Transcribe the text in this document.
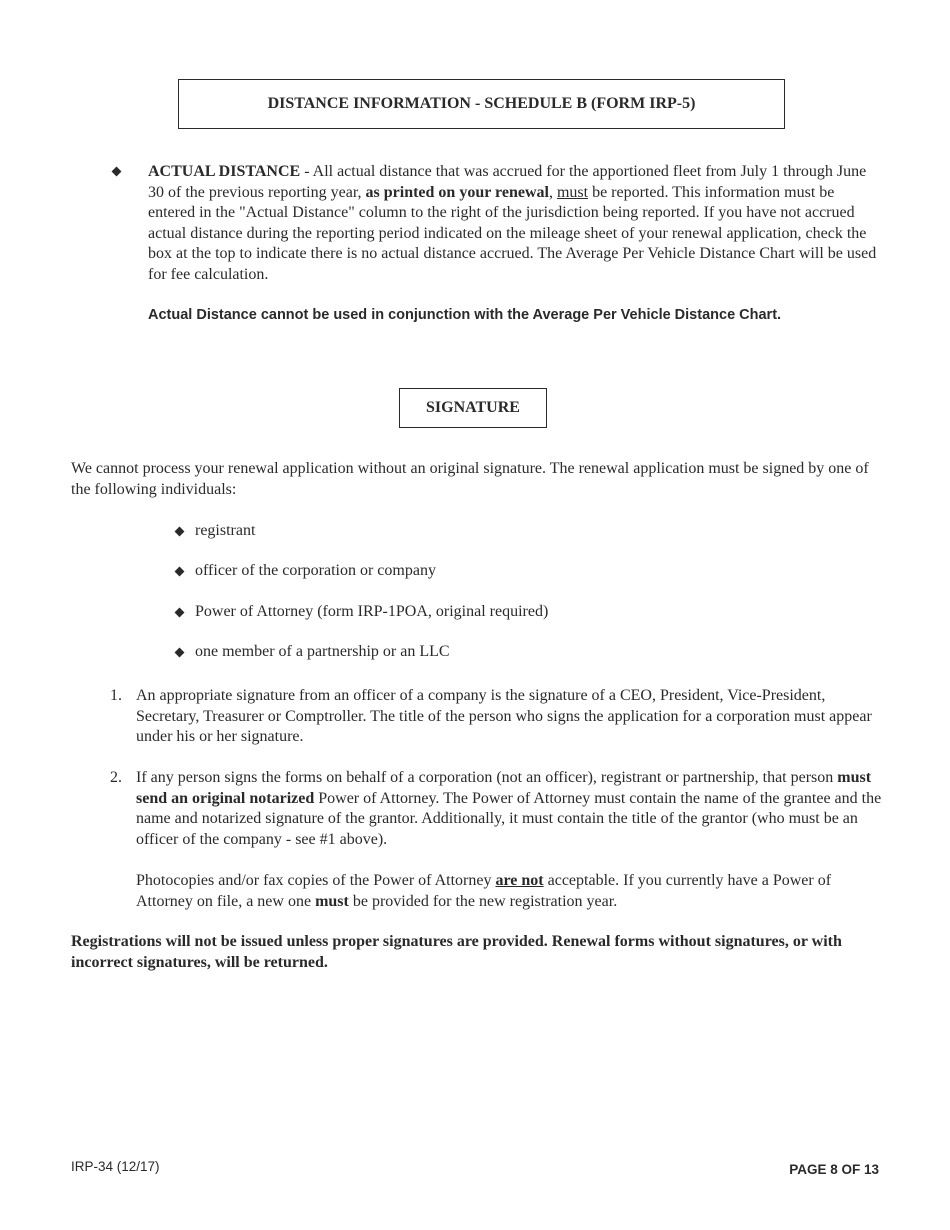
DISTANCE INFORMATION - SCHEDULE B (FORM IRP-5)
ACTUAL DISTANCE - All actual distance that was accrued for the apportioned fleet from July 1 through June 30 of the previous reporting year, as printed on your renewal, must be reported. This information must be entered in the "Actual Distance" column to the right of the jurisdiction being reported. If you have not accrued actual distance during the reporting period indicated on the mileage sheet of your renewal application, check the box at the top to indicate there is no actual distance accrued. The Average Per Vehicle Distance Chart will be used for fee calculation.
Actual Distance cannot be used in conjunction with the Average Per Vehicle Distance Chart.
SIGNATURE
We cannot process your renewal application without an original signature. The renewal application must be signed by one of the following individuals:
registrant
officer of the corporation or company
Power of Attorney (form IRP-1POA, original required)
one member of a partnership or an LLC
1. An appropriate signature from an officer of a company is the signature of a CEO, President, Vice-President, Secretary, Treasurer or Comptroller. The title of the person who signs the application for a corporation must appear under his or her signature.
2. If any person signs the forms on behalf of a corporation (not an officer), registrant or partnership, that person must send an original notarized Power of Attorney. The Power of Attorney must contain the name of the grantee and the name and notarized signature of the grantor. Additionally, it must contain the title of the grantor (who must be an officer of the company - see #1 above).
Photocopies and/or fax copies of the Power of Attorney are not acceptable. If you currently have a Power of Attorney on file, a new one must be provided for the new registration year.
Registrations will not be issued unless proper signatures are provided. Renewal forms without signatures, or with incorrect signatures, will be returned.
IRP-34 (12/17)	PAGE 8 OF 13
